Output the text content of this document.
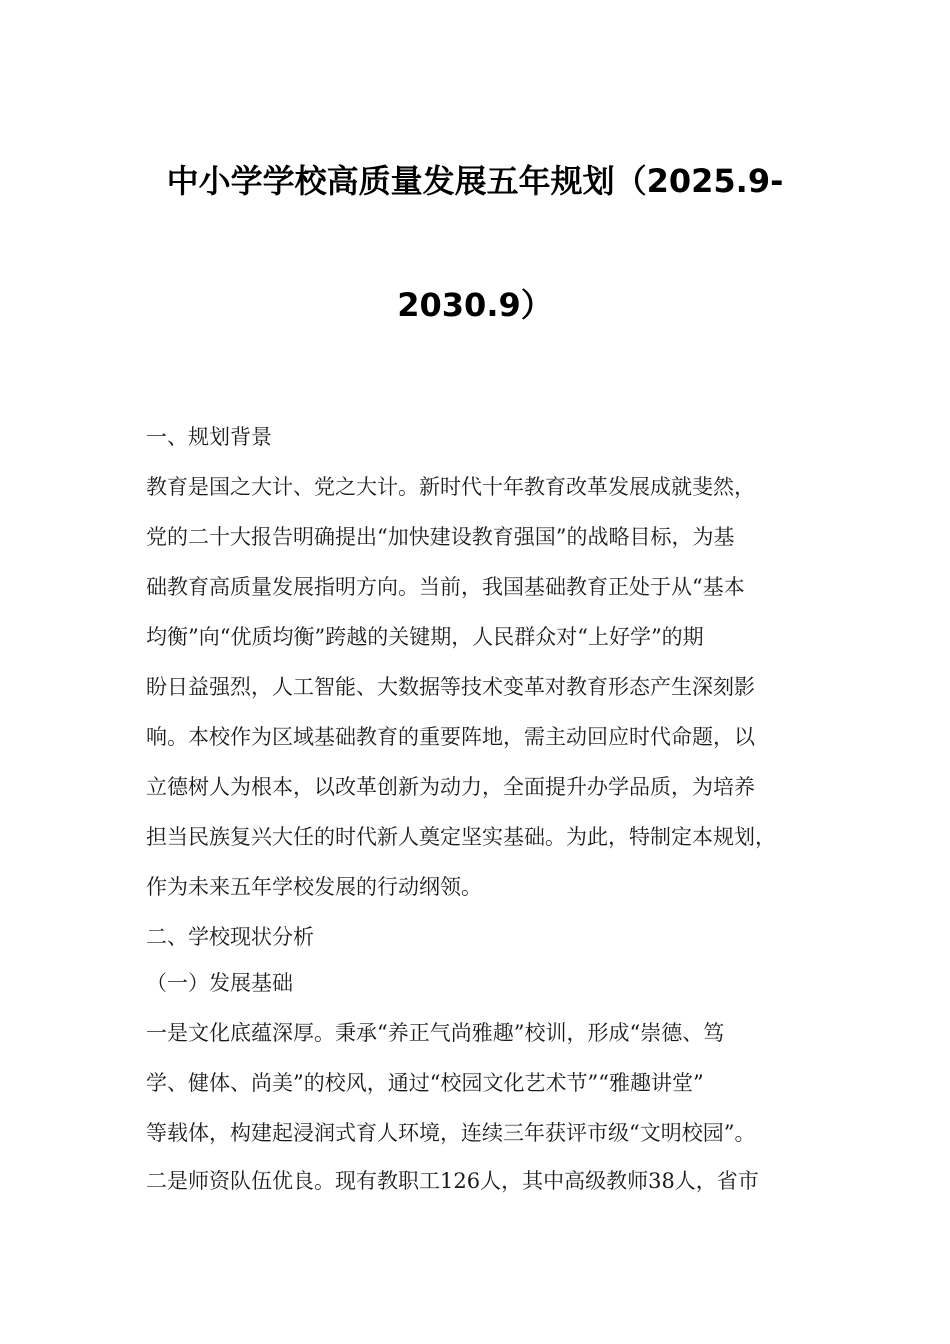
中小学学校高质量发展五年规划（2025.9-
2030.9）

一、规划背景

教育是国之大计、党之大计。新时代十年教育改革发展成就斐然，

党的二十大报告明确提出“加快建设教育强国”的战略目标，为基

础教育高质量发展指明方向。当前，我国基础教育正处于从“基本

均衡”向“优质均衡”跨越的关键期，人民群众对“上好学”的期

盼日益强烈，人工智能、大数据等技术变革对教育形态产生深刻影

响。本校作为区域基础教育的重要阵地，需主动回应时代命题，以

立德树人为根本，以改革创新为动力，全面提升办学品质，为培养

担当民族复兴大任的时代新人奠定坚实基础。为此，特制定本规划，

作为未来五年学校发展的行动纲领。

二、学校现状分析

（一）发展基础

一是文化底蕴深厚。秉承“养正气尚雅趣”校训，形成“崇德、笃

学、健体、尚美”的校风，通过“校园文化艺术节”“雅趣讲堂”

等载体，构建起浸润式育人环境，连续三年获评市级“文明校园”。

二是师资队伍优良。现有教职工126人，其中高级教师38人，省市
